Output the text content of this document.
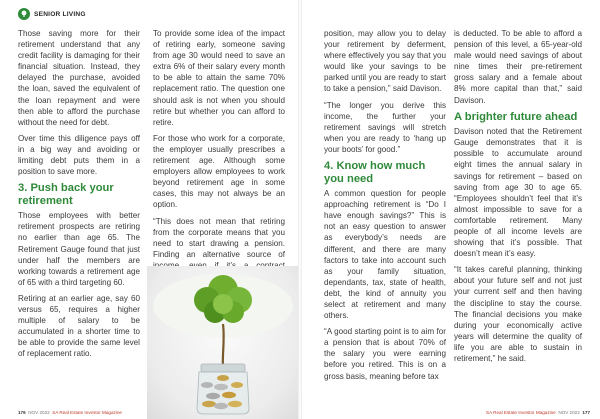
SENIOR LIVING

Those saving more for their retirement understand that any credit facility is damaging for their financial situation. Instead, they delayed the purchase, avoided the loan, saved the equivalent of the loan repayment and were then able to afford the purchase without the need for debt.

Over time this diligence pays off in a big way and avoiding or limiting debt puts them in a position to save more.

3. Push back your retirement

Those employees with better retirement prospects are retiring no earlier than age 65. The Retirement Gauge found that just under half the members are working towards a retirement age of 65 with a third targeting 60.

Retiring at an earlier age, say 60 versus 65, requires a higher multiple of salary to be accumulated in a shorter time to be able to provide the same level of replacement ratio.

To provide some idea of the impact of retiring early, someone saving from age 30 would need to save an extra 6% of their salary every month to be able to attain the same 70% replacement ratio. The question one should ask is not when you should retire but whether you can afford to retire.

For those who work for a corporate, the employer usually prescribes a retirement age. Although some employers allow employees to work beyond retirement age in some cases, this may not always be an option.

“This does not mean that retiring from the corporate means that you need to start drawing a pension. Finding an alternative source of

176 NOV 2022 SA Real Estate Investor Magazine

position, may allow you to delay your retirement by deferment, where effectively you say that you would like your savings to be parked until you are ready to start to take a pension,” said Davison.

“The longer you derive this income, the further your retirement savings will stretch when you are ready to ‘hang up your boots’ for good.”

4. Know how much you need

A common question for people approaching retirement is “Do I have enough savings?” This is not an easy question to answer as everybody’s needs are different, and there are many factors to take into account such as your family situation, dependants, tax, state of health, debt, the kind of annuity you select at retirement and many others.

“A good starting point is to aim for a pension that is about 70% of the salary you were earning before you retired. This is on a gross basis, meaning before tax

is deducted. To be able to afford a pension of this level, a 65-year-old male would need savings of about nine times their pre-retirement gross salary and a female about 8% more capital than that,” said Davison.

A brighter future ahead

Davison noted that the Retirement Gauge demonstrates that it is possible to accumulate around eight times the annual salary in savings for retirement – based on saving from age 30 to age 65. “Employees shouldn’t feel that it’s almost impossible to save for a comfortable retirement. Many people of all income levels are showing that it’s possible. That doesn’t mean it’s easy.

“It takes careful planning, thinking about your future self and not just your current self and then having the discipline to stay the course. The financial decisions you make during your economically active years will determine the quality of life you are able to sustain in retirement,” he said.

SA Real Estate Investor Magazine NOV 2022 177
